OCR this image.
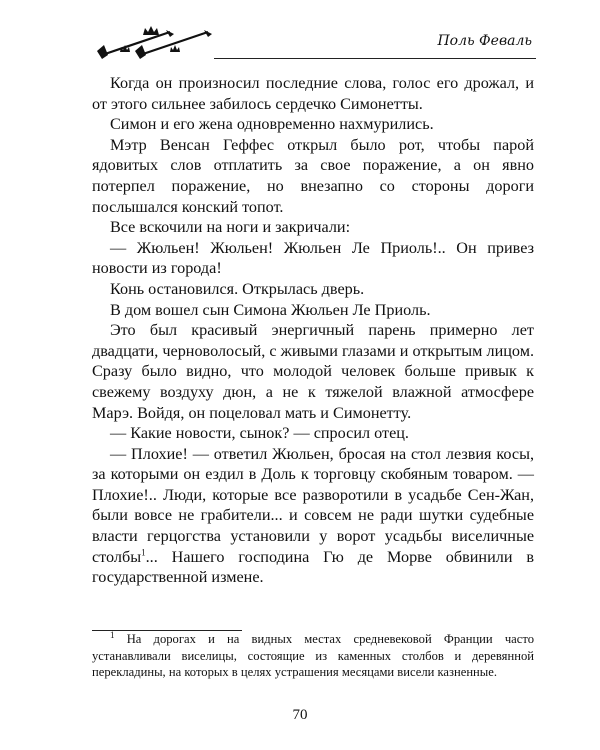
Поль Феваль

Когда он произносил последние слова, голос его дрожал, и от этого сильнее забилось сердечко Симонетты.

Симон и его жена одновременно нахмурились.

Мэтр Венсан Геффес открыл было рот, чтобы парой ядовитых слов отплатить за свое поражение, а он явно потерпел поражение, но внезапно со стороны дороги послышался конский топот.

Все вскочили на ноги и закричали:

— Жюльен! Жюльен! Жюльен Ле Приоль!.. Он привез новости из города!

Конь остановился. Открылась дверь.

В дом вошел сын Симона Жюльен Ле Приоль.

Это был красивый энергичный парень примерно лет двадцати, черноволосый, с живыми глазами и открытым лицом. Сразу было видно, что молодой человек больше привык к свежему воздуху дюн, а не к тяжелой влажной атмосфере Марэ. Войдя, он поцеловал мать и Симонетту.

— Какие новости, сынок? — спросил отец.

— Плохие! — ответил Жюльен, бросая на стол лезвия косы, за которыми он ездил в Доль к торговцу скобяным товаром. — Плохие!.. Люди, которые все разворотили в усадьбе Сен-Жан, были вовсе не грабители... и совсем не ради шутки судебные власти герцогства установили у ворот усадьбы виселичные столбы$^1$... Нашего господина Гю де Морве обвинили в государственной измене.

$^1$ На дорогах и на видных местах средневековой Франции часто устанавливали виселицы, состоящие из каменных столбов и деревянной перекладины, на которых в целях устрашения месяцами висели казненные.

70
